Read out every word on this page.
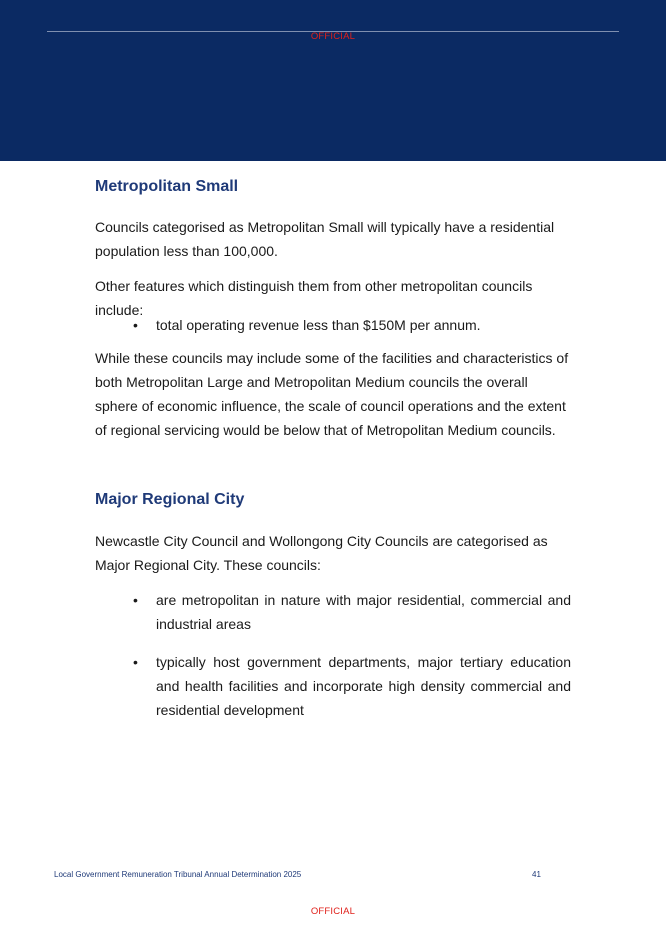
OFFICIAL
Metropolitan Small

Councils categorised as Metropolitan Small will typically have a residential population less than 100,000.

Other features which distinguish them from other metropolitan councils include:

• total operating revenue less than $150M per annum.

While these councils may include some of the facilities and characteristics of both Metropolitan Large and Metropolitan Medium councils the overall sphere of economic influence, the scale of council operations and the extent of regional servicing would be below that of Metropolitan Medium councils.

Major Regional City

Newcastle City Council and Wollongong City Councils are categorised as Major Regional City. These councils:

• are metropolitan in nature with major residential, commercial and industrial areas
• typically host government departments, major tertiary education and health facilities and incorporate high density commercial and residential development
Local Government Remuneration Tribunal Annual Determination 2025	41
OFFICIAL
